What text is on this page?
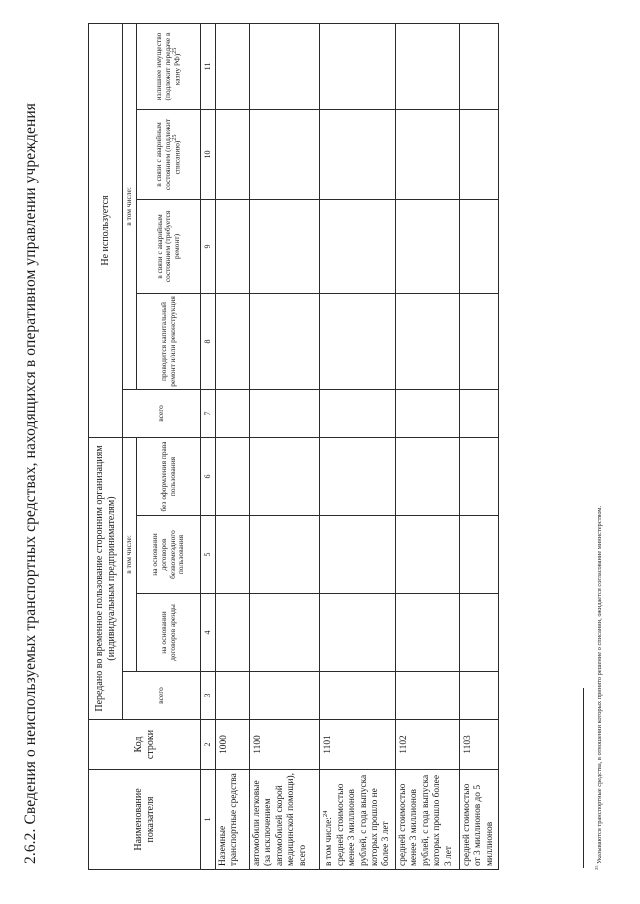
2.6.2. Сведения о неиспользуемых транспортных средствах, находящихся в оперативном управлении учреждения	Наименование показателя	Код строки	Передано во временное пользование сторонним организациям (индивидуальным предпринимателям)				Не используется				
		всего	в том числе:			всего	в том числе:			
			на основании договоров аренды	на основании договоров безвозмездного пользования	без оформления права пользования		проводится капитальный ремонт и/или реконструкция	в связи с аварийным состоянием (требуется ремонт)	в связи с аварийным состоянием (подлежит списанию)$^{25}$	излишнее имущество (подлежит передаче в казну РФ)$^{25}$
1	2	3	4	5	6	7	8	9	10	11
Наземные транспортные средства	1000									
автомобили легковые (за исключением автомобилей скорой медицинской помощи), всего	1100									
в том числе:$^{24}$ средней стоимостью менее 3 миллионов рублей, с года выпуска которых прошло не более 3 лет	1101									
средней стоимостью менее 3 миллионов рублей, с года выпуска которых прошло более 3 лет	1102									
средней стоимостью от 3 миллионов до 5 миллионов	1103									
$^{25}$ Указываются транспортные средства, в отношении которых принято решение о списании, ожидается согласование министерством.
